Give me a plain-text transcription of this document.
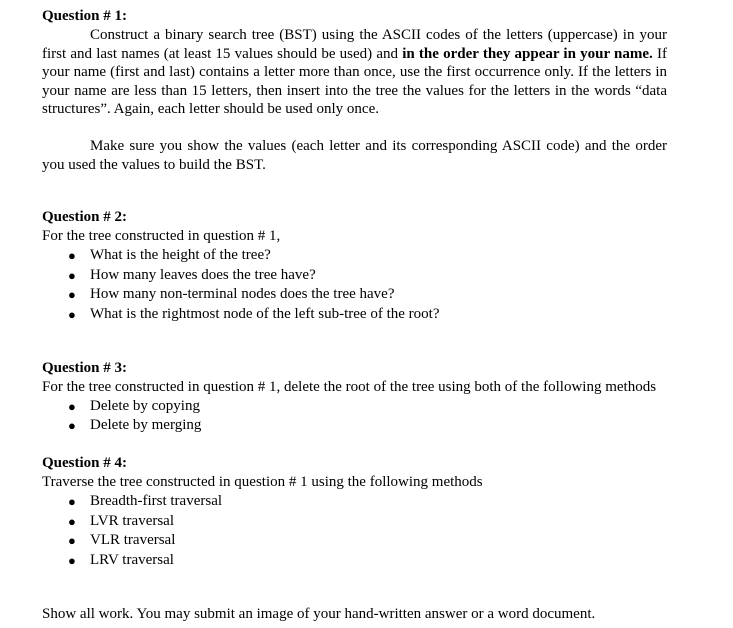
Question # 1:

Construct a binary search tree (BST) using the ASCII codes of the letters (uppercase) in your first and last names (at least 15 values should be used) and in the order they appear in your name. If your name (first and last) contains a letter more than once, use the first occurrence only. If the letters in your name are less than 15 letters, then insert into the tree the values for the letters in the words “data structures”. Again, each letter should be used only once.

Make sure you show the values (each letter and its corresponding ASCII code) and the order you used the values to build the BST.

Question # 2:

For the tree constructed in question # 1,

● What is the height of the tree?
● How many leaves does the tree have?
● How many non-terminal nodes does the tree have?
● What is the rightmost node of the left sub-tree of the root?

Question # 3:

For the tree constructed in question # 1, delete the root of the tree using both of the following methods

● Delete by copying
● Delete by merging

Question # 4:

Traverse the tree constructed in question # 1 using the following methods

● Breadth-first traversal
● LVR traversal
● VLR traversal
● LRV traversal

Show all work. You may submit an image of your hand-written answer or a word document.
